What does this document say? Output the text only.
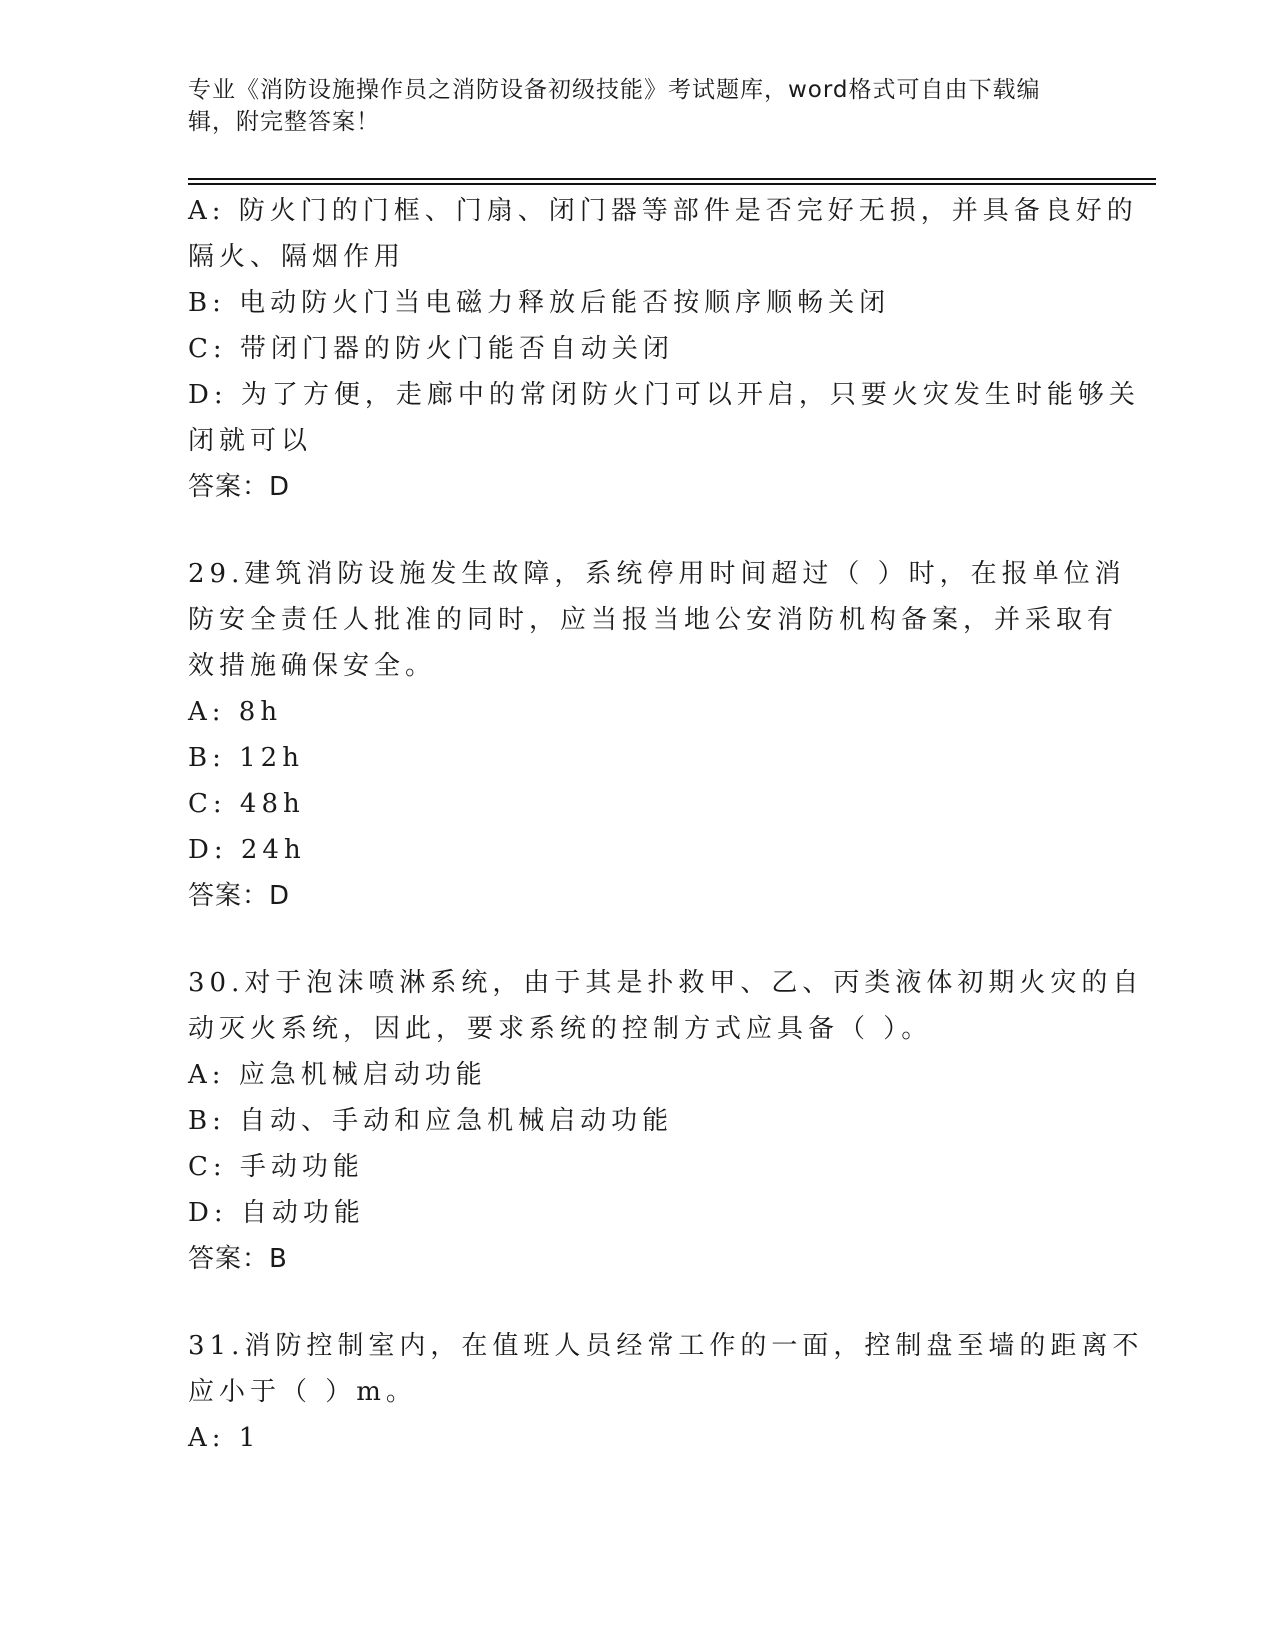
专业《消防设施操作员之消防设备初级技能》考试题库，word格式可自由下载编
辑，附完整答案！
A: 防火门的门框、门扇、闭门器等部件是否完好无损，并具备良好的
隔火、隔烟作用
B: 电动防火门当电磁力释放后能否按顺序顺畅关闭
C: 带闭门器的防火门能否自动关闭
D: 为了方便，走廊中的常闭防火门可以开启，只要火灾发生时能够关
闭就可以
答案：D
29.建筑消防设施发生故障，系统停用时间超过（ ）时，在报单位消
防安全责任人批准的同时，应当报当地公安消防机构备案，并采取有
效措施确保安全。
A: 8h
B: 12h
C: 48h
D: 24h
答案：D
30.对于泡沫喷淋系统，由于其是扑救甲、乙、丙类液体初期火灾的自
动灭火系统，因此，要求系统的控制方式应具备（ ）。
A: 应急机械启动功能
B: 自动、手动和应急机械启动功能
C: 手动功能
D: 自动功能
答案：B
31.消防控制室内，在值班人员经常工作的一面，控制盘至墙的距离不
应小于（ ）m。
A: 1
